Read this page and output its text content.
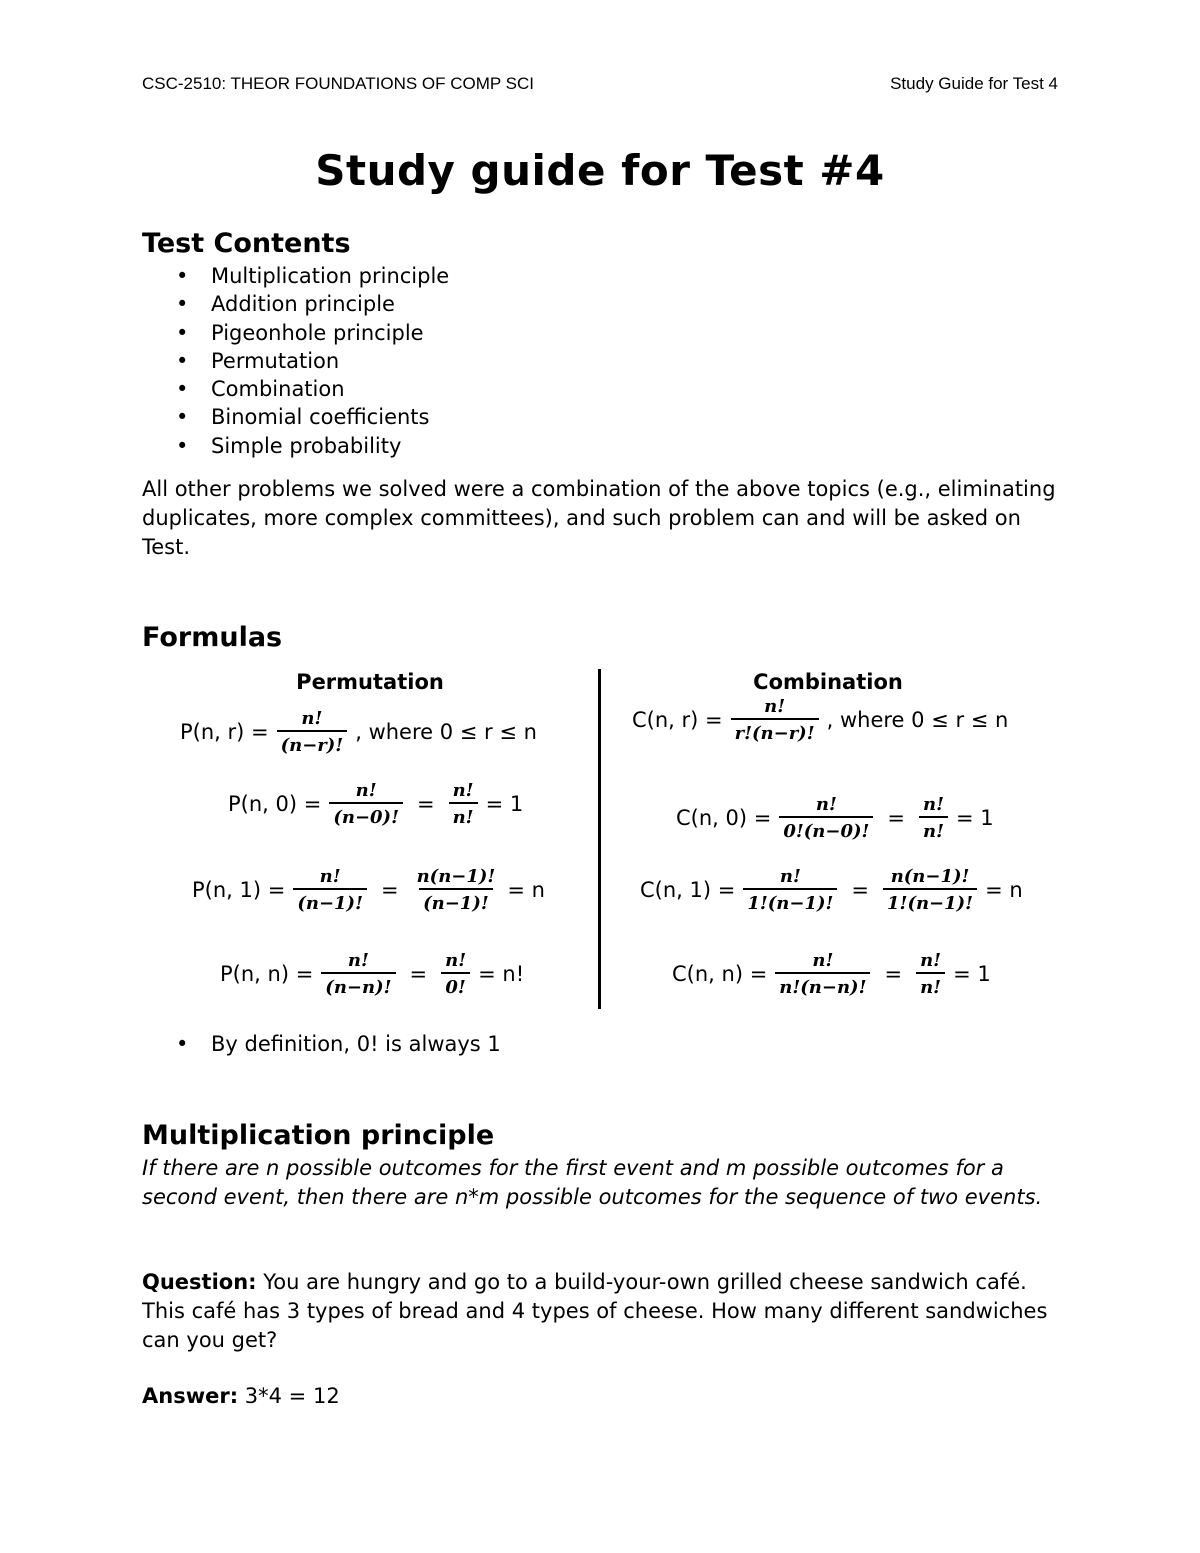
CSC-2510: THEOR FOUNDATIONS OF COMP SCI	Study Guide for Test 4
Study guide for Test #4
Test Contents
• Multiplication principle
• Addition principle
• Pigeonhole principle
• Permutation
• Combination
• Binomial coefficients
• Simple probability

All other problems we solved were a combination of the above topics (e.g., eliminating duplicates, more complex committees), and such problem can and will be asked on Test.

Formulas
Permutation	Combination
P(n, $r) = \frac{n!}{(n-r)!}$ , where 0 ≤ r ≤ n
P(n, $0) = \frac{n!}{(n-0)!} = \frac{n!}{n!} = 1$
P(n, $1) = \frac{n!}{(n-1)!} = \frac{n(n-1)!}{(n-1)!} = n$
P(n, $n) = \frac{n!}{(n-n)!} = \frac{n!}{0!} = n$!
C(n, $r) = \frac{n!}{r!(n-r)!}$ , where 0 ≤ r ≤ n
C(n, $0) = \frac{n!}{0!(n-0)!} = \frac{n!}{n!} = 1$
C(n, $1) = \frac{n!}{1!(n-1)!} = \frac{n(n-1)!}{1!(n-1)!} = n$
C(n, $n) = \frac{n!}{n!(n-n)!} = \frac{n!}{n!} = 1$
• By definition, 0! is always 1
Multiplication principle

If there are n possible outcomes for the first event and m possible outcomes for a second event, then there are n*m possible outcomes for the sequence of two events.

Question: You are hungry and go to a build-your-own grilled cheese sandwich café. This café has 3 types of bread and 4 types of cheese. How many different sandwiches can you get?

Answer: 3*4 = 12
